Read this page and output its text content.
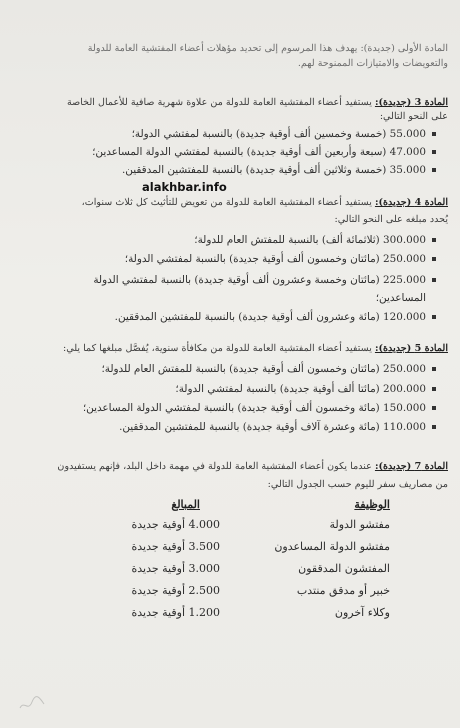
المادة الأولى (جديدة): يهدف هذا المرسوم إلى تحديد مؤهلات أعضاء المفتشية العامة للدولة
والتعويضات والامتيازات الممنوحة لهم.
المادة 3 (جديدة): يستفيد أعضاء المفتشية العامة للدولة من علاوة شهرية صافية للأعمال الخاصة
على النحو التالي:
55.000 (خمسة وخمسين ألف أوقية جديدة) بالنسبة لمفتشي الدولة؛
47.000 (سبعة وأربعين ألف أوقية جديدة) بالنسبة لمفتشي الدولة المساعدين؛
35.000 (خمسة وثلاثين ألف أوقية جديدة) بالنسبة للمفتشين المدققين.
alakhbar.info
المادة 4 (جديدة): يستفيد أعضاء المفتشية العامة للدولة من تعويض للتأثيث كل ثلاث سنوات،
يُحدد مبلغه على النحو التالي:
300.000 (ثلاثمائة ألف) بالنسبة للمفتش العام للدولة؛
250.000 (مائتان وخمسون ألف أوقية جديدة) بالنسبة لمفتشي الدولة؛
225.000 (مائتان وخمسة وعشرون ألف أوقية جديدة) بالنسبة لمفتشي الدولة
المساعدين؛
120.000 (مائة وعشرون ألف أوقية جديدة) بالنسبة للمفتشين المدققين.
المادة 5 (جديدة): يستفيد أعضاء المفتشية العامة للدولة من مكافأة سنوية، يُفصَّل مبلغها كما يلي:
250.000 (مائتان وخمسون ألف أوقية جديدة) بالنسبة للمفتش العام للدولة؛
200.000 (مائتا ألف أوقية جديدة) بالنسبة لمفتشي الدولة؛
150.000 (مائة وخمسون ألف أوقية جديدة) بالنسبة لمفتشي الدولة المساعدين؛
110.000 (مائة وعشرة آلاف أوقية جديدة) بالنسبة للمفتشين المدققين.
المادة 7 (جديدة): عندما يكون أعضاء المفتشية العامة للدولة في مهمة داخل البلد، فإنهم يستفيدون
من مصاريف سفر لليوم حسب الجدول التالي:
الوظيفة
المبالغ
مفتشو الدولة
4.000 أوقية جديدة
مفتشو الدولة المساعدون
3.500 أوقية جديدة
المفتشون المدققون
3.000 أوقية جديدة
خبير أو مدقق منتدب
2.500 أوقية جديدة
وكلاء آخرون
1.200 أوقية جديدة
